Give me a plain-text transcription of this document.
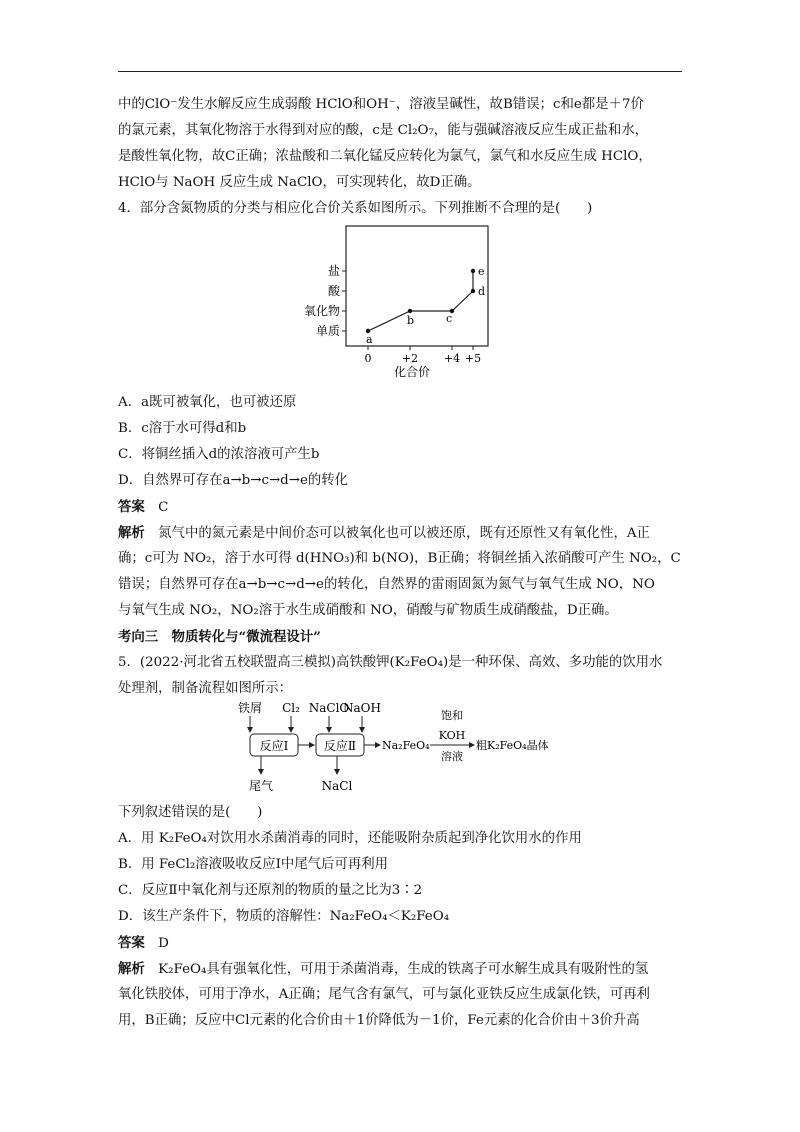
中的ClO⁻发生水解反应生成弱酸 HClO和OH⁻，溶液呈碱性，故B错误；c和e都是＋7价
的氯元素，其氧化物溶于水得到对应的酸，c是 Cl₂O₇，能与强碱溶液反应生成正盐和水，
是酸性氧化物，故C正确；浓盐酸和二氧化锰反应转化为氯气，氯气和水反应生成 HClO，
HClO与 NaOH 反应生成 NaClO，可实现转化，故D正确。
4．部分含氮物质的分类与相应化合价关系如图所示。下列推断不合理的是(　　)
单质
氧化物
酸
盐
0	+2 +4 +5
化合价
a
b	c
d
e
A．a既可被氧化，也可被还原
B．c溶于水可得d和b
C．将铜丝插入d的浓溶液可产生b
D．自然界可存在a→b→c→d→e的转化
答案　 C
解析　 氮气中的氮元素是中间价态可以被氧化也可以被还原，既有还原性又有氧化性，A正
确；c可为 NO₂，溶于水可得 d(HNO₃)和 b(NO)，B正确；将铜丝插入浓硝酸可产生 NO₂，C
错误；自然界可存在a→b→c→d→e的转化，自然界的雷雨固氮为氮气与氧气生成 NO，NO
与氧气生成 NO₂，NO₂溶于水生成硝酸和 NO，硝酸与矿物质生成硝酸盐，D正确。
考向三　物质转化与“微流程设计”
5．(2022·河北省五校联盟高三模拟)高铁酸钾(K₂FeO₄)是一种环保、高效、多功能的饮用水
处理剂，制备流程如图所示：
铁屑 Cl₂ NaClO
NaOH
反应Ⅰ	反应Ⅱ Na₂FeO₄
饱和
KOH
溶液
粗K₂FeO₄晶体
尾气	NaCl
下列叙述错误的是(　　)
A．用 K₂FeO₄对饮用水杀菌消毒的同时，还能吸附杂质起到净化饮用水的作用
B．用 FeCl₂溶液吸收反应Ⅰ中尾气后可再利用
C．反应Ⅱ中氧化剂与还原剂的物质的量之比为3∶2
D．该生产条件下，物质的溶解性：Na₂FeO₄＜K₂FeO₄
答案　 D
解析　 K₂FeO₄具有强氧化性，可用于杀菌消毒，生成的铁离子可水解生成具有吸附性的氢
氧化铁胶体，可用于净水，A正确；尾气含有氯气，可与氯化亚铁反应生成氯化铁，可再利
用，B正确；反应中Cl元素的化合价由＋1价降低为－1价，Fe元素的化合价由＋3价升高
